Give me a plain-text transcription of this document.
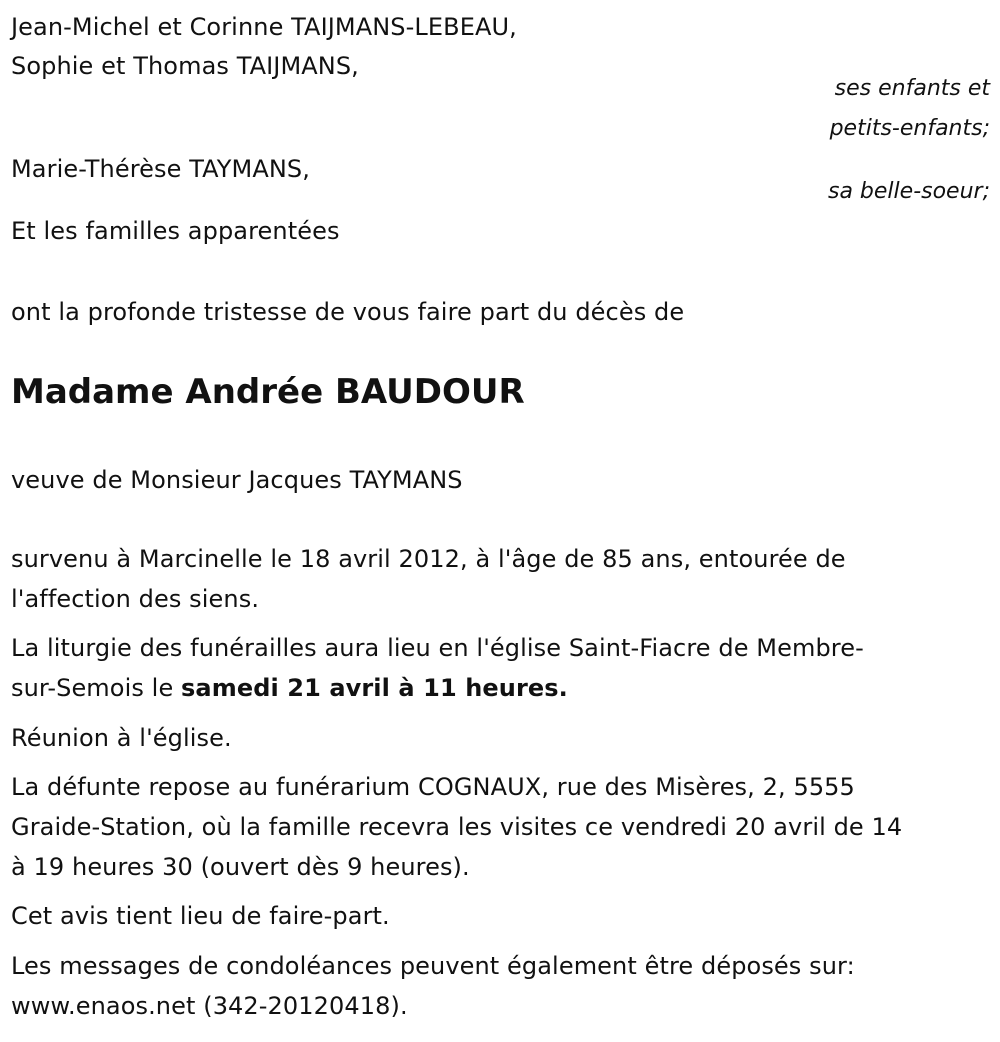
Jean-Michel et Corinne TAIJMANS-LEBEAU,
Sophie et Thomas TAIJMANS,
ses enfants et
petits-enfants;
Marie-Thérèse TAYMANS,
sa belle-soeur;
Et les familles apparentées
ont la profonde tristesse de vous faire part du décès de
Madame Andrée BAUDOUR
veuve de Monsieur Jacques TAYMANS
survenu à Marcinelle le 18 avril 2012, à l'âge de 85 ans, entourée de
l'affection des siens.
La liturgie des funérailles aura lieu en l'église Saint-Fiacre de Membre-
sur-Semois le samedi 21 avril à 11 heures.
Réunion à l'église.
La défunte repose au funérarium COGNAUX, rue des Misères, 2, 5555
Graide-Station, où la famille recevra les visites ce vendredi 20 avril de 14
à 19 heures 30 (ouvert dès 9 heures).
Cet avis tient lieu de faire-part.
Les messages de condoléances peuvent également être déposés sur:
www.enaos.net (342-20120418).
